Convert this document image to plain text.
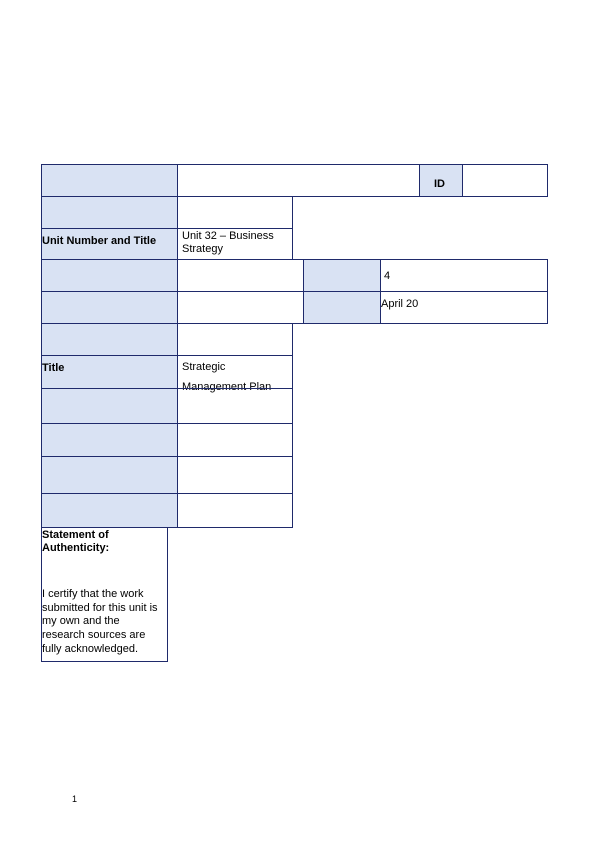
ID
Unit Number and Title	Unit 32 – Business Strategy
4
April 20
Title	Strategic Management Plan
Statement of Authenticity:
I certify that the work submitted for this unit is my own and the research sources are fully acknowledged.
1
